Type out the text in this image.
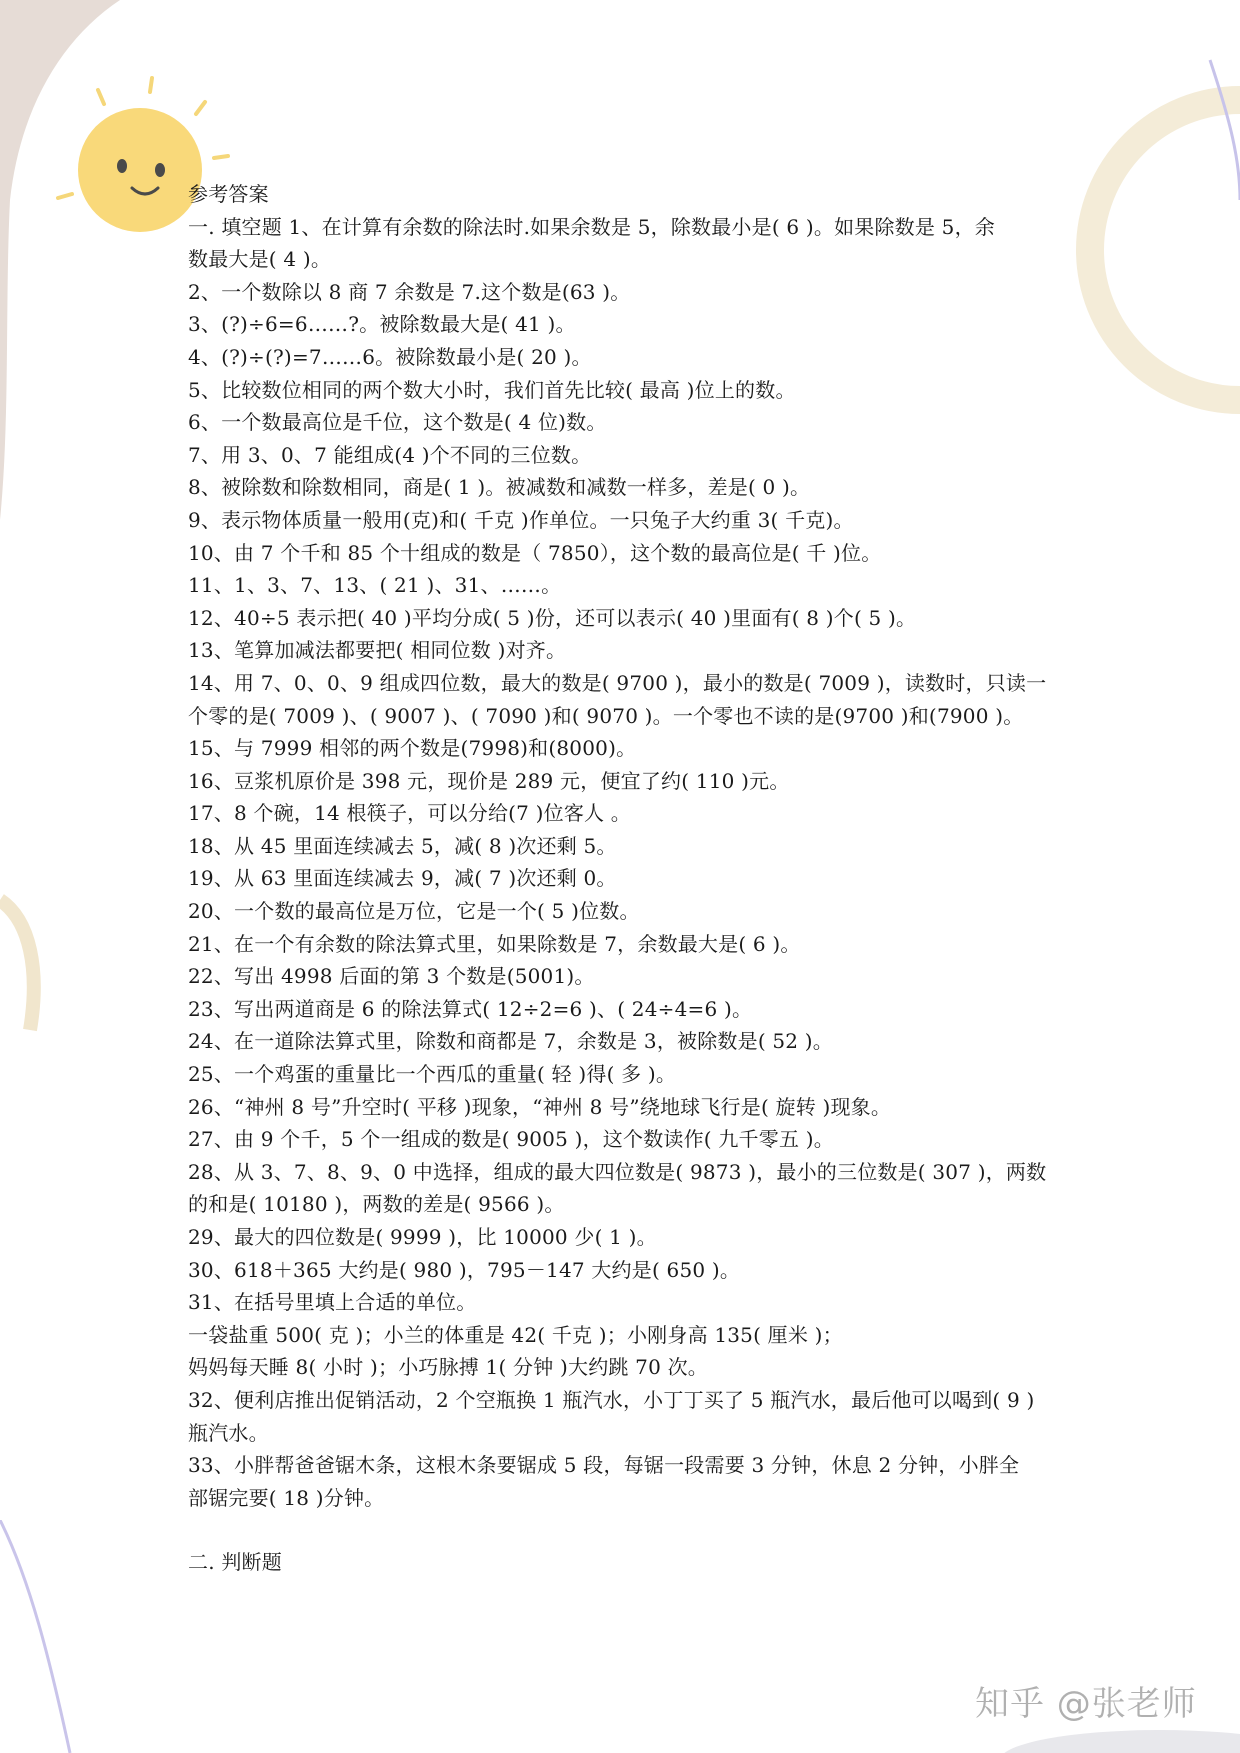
参考答案
一. 填空题 1、在计算有余数的除法时.如果余数是 5，除数最小是( 6 )。如果除数是 5，余
数最大是( 4 )。
2、一个数除以 8 商 7 余数是 7.这个数是(63 )。
3、(?)÷6=6……?。被除数最大是( 41 )。
4、(?)÷(?)=7……6。被除数最小是( 20 )。
5、比较数位相同的两个数大小时，我们首先比较( 最高 )位上的数。
6、一个数最高位是千位，这个数是( 4 位)数。
7、用 3、0、7 能组成(4 )个不同的三位数。
8、被除数和除数相同，商是( 1 )。被减数和减数一样多，差是( 0 )。
9、表示物体质量一般用(克)和( 千克 )作单位。一只兔子大约重 3( 千克)。
10、由 7 个千和 85 个十组成的数是（ 7850），这个数的最高位是( 千 )位。
11、1、3、7、13、( 21 )、31、……。
12、40÷5 表示把( 40 )平均分成( 5 )份，还可以表示( 40 )里面有( 8 )个( 5 )。
13、笔算加减法都要把( 相同位数 )对齐。
14、用 7、0、0、9 组成四位数，最大的数是( 9700 )，最小的数是( 7009 )，读数时，只读一
个零的是( 7009 )、( 9007 )、( 7090 )和( 9070 )。一个零也不读的是(9700 )和(7900 )。
15、与 7999 相邻的两个数是(7998)和(8000)。
16、豆浆机原价是 398 元，现价是 289 元，便宜了约( 110 )元。
17、8 个碗，14 根筷子，可以分给(7 )位客人 。
18、从 45 里面连续减去 5，减( 8 )次还剩 5。
19、从 63 里面连续减去 9，减( 7 )次还剩 0。
20、一个数的最高位是万位，它是一个( 5 )位数。
21、在一个有余数的除法算式里，如果除数是 7，余数最大是( 6 )。
22、写出 4998 后面的第 3 个数是(5001)。
23、写出两道商是 6 的除法算式( 12÷2=6 )、( 24÷4=6 )。
24、在一道除法算式里，除数和商都是 7，余数是 3，被除数是( 52 )。
25、一个鸡蛋的重量比一个西瓜的重量( 轻 )得( 多 )。
26、“神州 8 号”升空时( 平移 )现象，“神州 8 号”绕地球飞行是( 旋转 )现象。
27、由 9 个千，5 个一组成的数是( 9005 )，这个数读作( 九千零五 )。
28、从 3、7、8、9、0 中选择，组成的最大四位数是( 9873 )，最小的三位数是( 307 )，两数
的和是( 10180 )，两数的差是( 9566 )。
29、最大的四位数是( 9999 )，比 10000 少( 1 )。
30、618＋365 大约是( 980 )，795－147 大约是( 650 )。
31、在括号里填上合适的单位。
一袋盐重 500( 克 )；小兰的体重是 42( 千克 )；小刚身高 135( 厘米 )；
妈妈每天睡 8( 小时 )；小巧脉搏 1( 分钟 )大约跳 70 次。
32、便利店推出促销活动，2 个空瓶换 1 瓶汽水，小丁丁买了 5 瓶汽水，最后他可以喝到( 9 )
瓶汽水。
33、小胖帮爸爸锯木条，这根木条要锯成 5 段，每锯一段需要 3 分钟，休息 2 分钟，小胖全
部锯完要( 18 )分钟。
二. 判断题
知乎 @张老师
